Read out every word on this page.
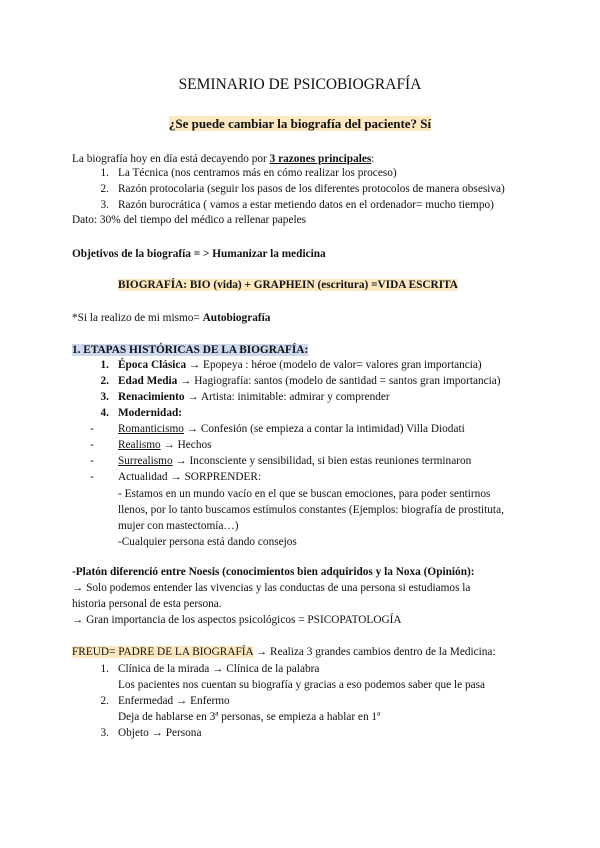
SEMINARIO DE PSICOBIOGRAFÍA
¿Se puede cambiar la biografía del paciente? Sí
La biografía hoy en día está decayendo por 3 razones principales:
1. La Técnica (nos centramos más en cómo realizar los proceso)
2. Razón protocolaria (seguir los pasos de los diferentes protocolos de manera obsesiva)
3. Razón burocrática ( vamos a estar metiendo datos en el ordenador= mucho tiempo)
Dato: 30% del tiempo del médico a rellenar papeles
Objetivos de la biografía = > Humanizar la medicina
BIOGRAFÍA: BIO (vida) + GRAPHEIN (escritura) =VIDA ESCRITA
*Si la realizo de mi mismo= Autobiografía
1. ETAPAS HISTÓRICAS DE LA BIOGRAFÍA:
1. Época Clásica → Epopeya : héroe (modelo de valor= valores gran importancia)
2. Edad Media → Hagiografía: santos (modelo de santidad = santos gran importancia)
3. Renacimiento → Artista: inimitable: admirar y comprender
4. Modernidad:
- Romanticismo → Confesión (se empieza a contar la intimidad) Villa Diodati
- Realismo → Hechos
- Surrealismo → Inconsciente y sensibilidad, si bien estas reuniones terminaron
- Actualidad → SORPRENDER:
- Estamos en un mundo vacío en el que se buscan emociones, para poder sentirnos
llenos, por lo tanto buscamos estímulos constantes (Ejemplos: biografía de prostituta,
mujer con mastectomía…)
-Cualquier persona está dando consejos
-Platón diferenció entre Noesis (conocimientos bien adquiridos y la Noxa (Opinión):
→ Solo podemos entender las vivencias y las conductas de una persona si estudiamos la
historia personal de esta persona.
→ Gran importancia de los aspectos psicológicos = PSICOPATOLOGÍA
FREUD= PADRE DE LA BIOGRAFÍA → Realiza 3 grandes cambios dentro de la Medicina:
1. Clínica de la mirada → Clínica de la palabra
Los pacientes nos cuentan su biografía y gracias a eso podemos saber que le pasa
2. Enfermedad → Enfermo
Deja de hablarse en 3ª personas, se empieza a hablar en 1ª
3. Objeto → Persona
